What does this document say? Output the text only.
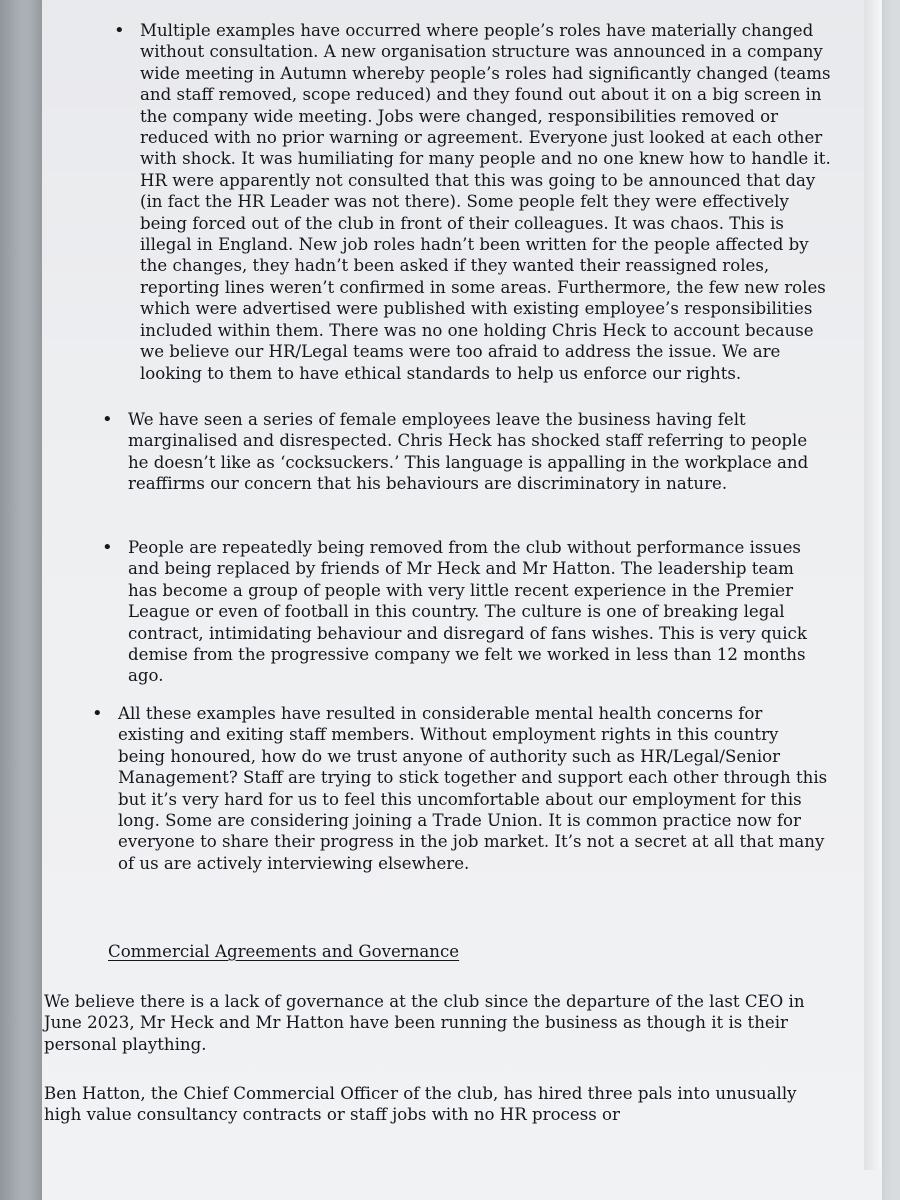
• Multiple examples have occurred where people’s roles have materially changed without consultation. A new organisation structure was announced in a company wide meeting in Autumn whereby people’s roles had significantly changed (teams and staff removed, scope reduced) and they found out about it on a big screen in the company wide meeting. Jobs were changed, responsibilities removed or reduced with no prior warning or agreement. Everyone just looked at each other with shock. It was humiliating for many people and no one knew how to handle it. HR were apparently not consulted that this was going to be announced that day (in fact the HR Leader was not there). Some people felt they were effectively being forced out of the club in front of their colleagues. It was chaos. This is illegal in England. New job roles hadn’t been written for the people affected by the changes, they hadn’t been asked if they wanted their reassigned roles, reporting lines weren’t confirmed in some areas. Furthermore, the few new roles which were advertised were published with existing employee’s responsibilities included within them. There was no one holding Chris Heck to account because we believe our HR/Legal teams were too afraid to address the issue. We are looking to them to have ethical standards to help us enforce our rights.

• We have seen a series of female employees leave the business having felt marginalised and disrespected. Chris Heck has shocked staff referring to people he doesn’t like as ‘cocksuckers.’ This language is appalling in the workplace and reaffirms our concern that his behaviours are discriminatory in nature.

• People are repeatedly being removed from the club without performance issues and being replaced by friends of Mr Heck and Mr Hatton. The leadership team has become a group of people with very little recent experience in the Premier League or even of football in this country. The culture is one of breaking legal contract, intimidating behaviour and disregard of fans wishes. This is very quick demise from the progressive company we felt we worked in less than 12 months ago.

• All these examples have resulted in considerable mental health concerns for existing and exiting staff members. Without employment rights in this country being honoured, how do we trust anyone of authority such as HR/Legal/Senior Management? Staff are trying to stick together and support each other through this but it’s very hard for us to feel this uncomfortable about our employment for this long. Some are considering joining a Trade Union. It is common practice now for everyone to share their progress in the job market. It’s not a secret at all that many of us are actively interviewing elsewhere.

Commercial Agreements and Governance

We believe there is a lack of governance at the club since the departure of the last CEO in June 2023, Mr Heck and Mr Hatton have been running the business as though it is their personal plaything.

Ben Hatton, the Chief Commercial Officer of the club, has hired three pals into unusually high value consultancy contracts or staff jobs with no HR process or
